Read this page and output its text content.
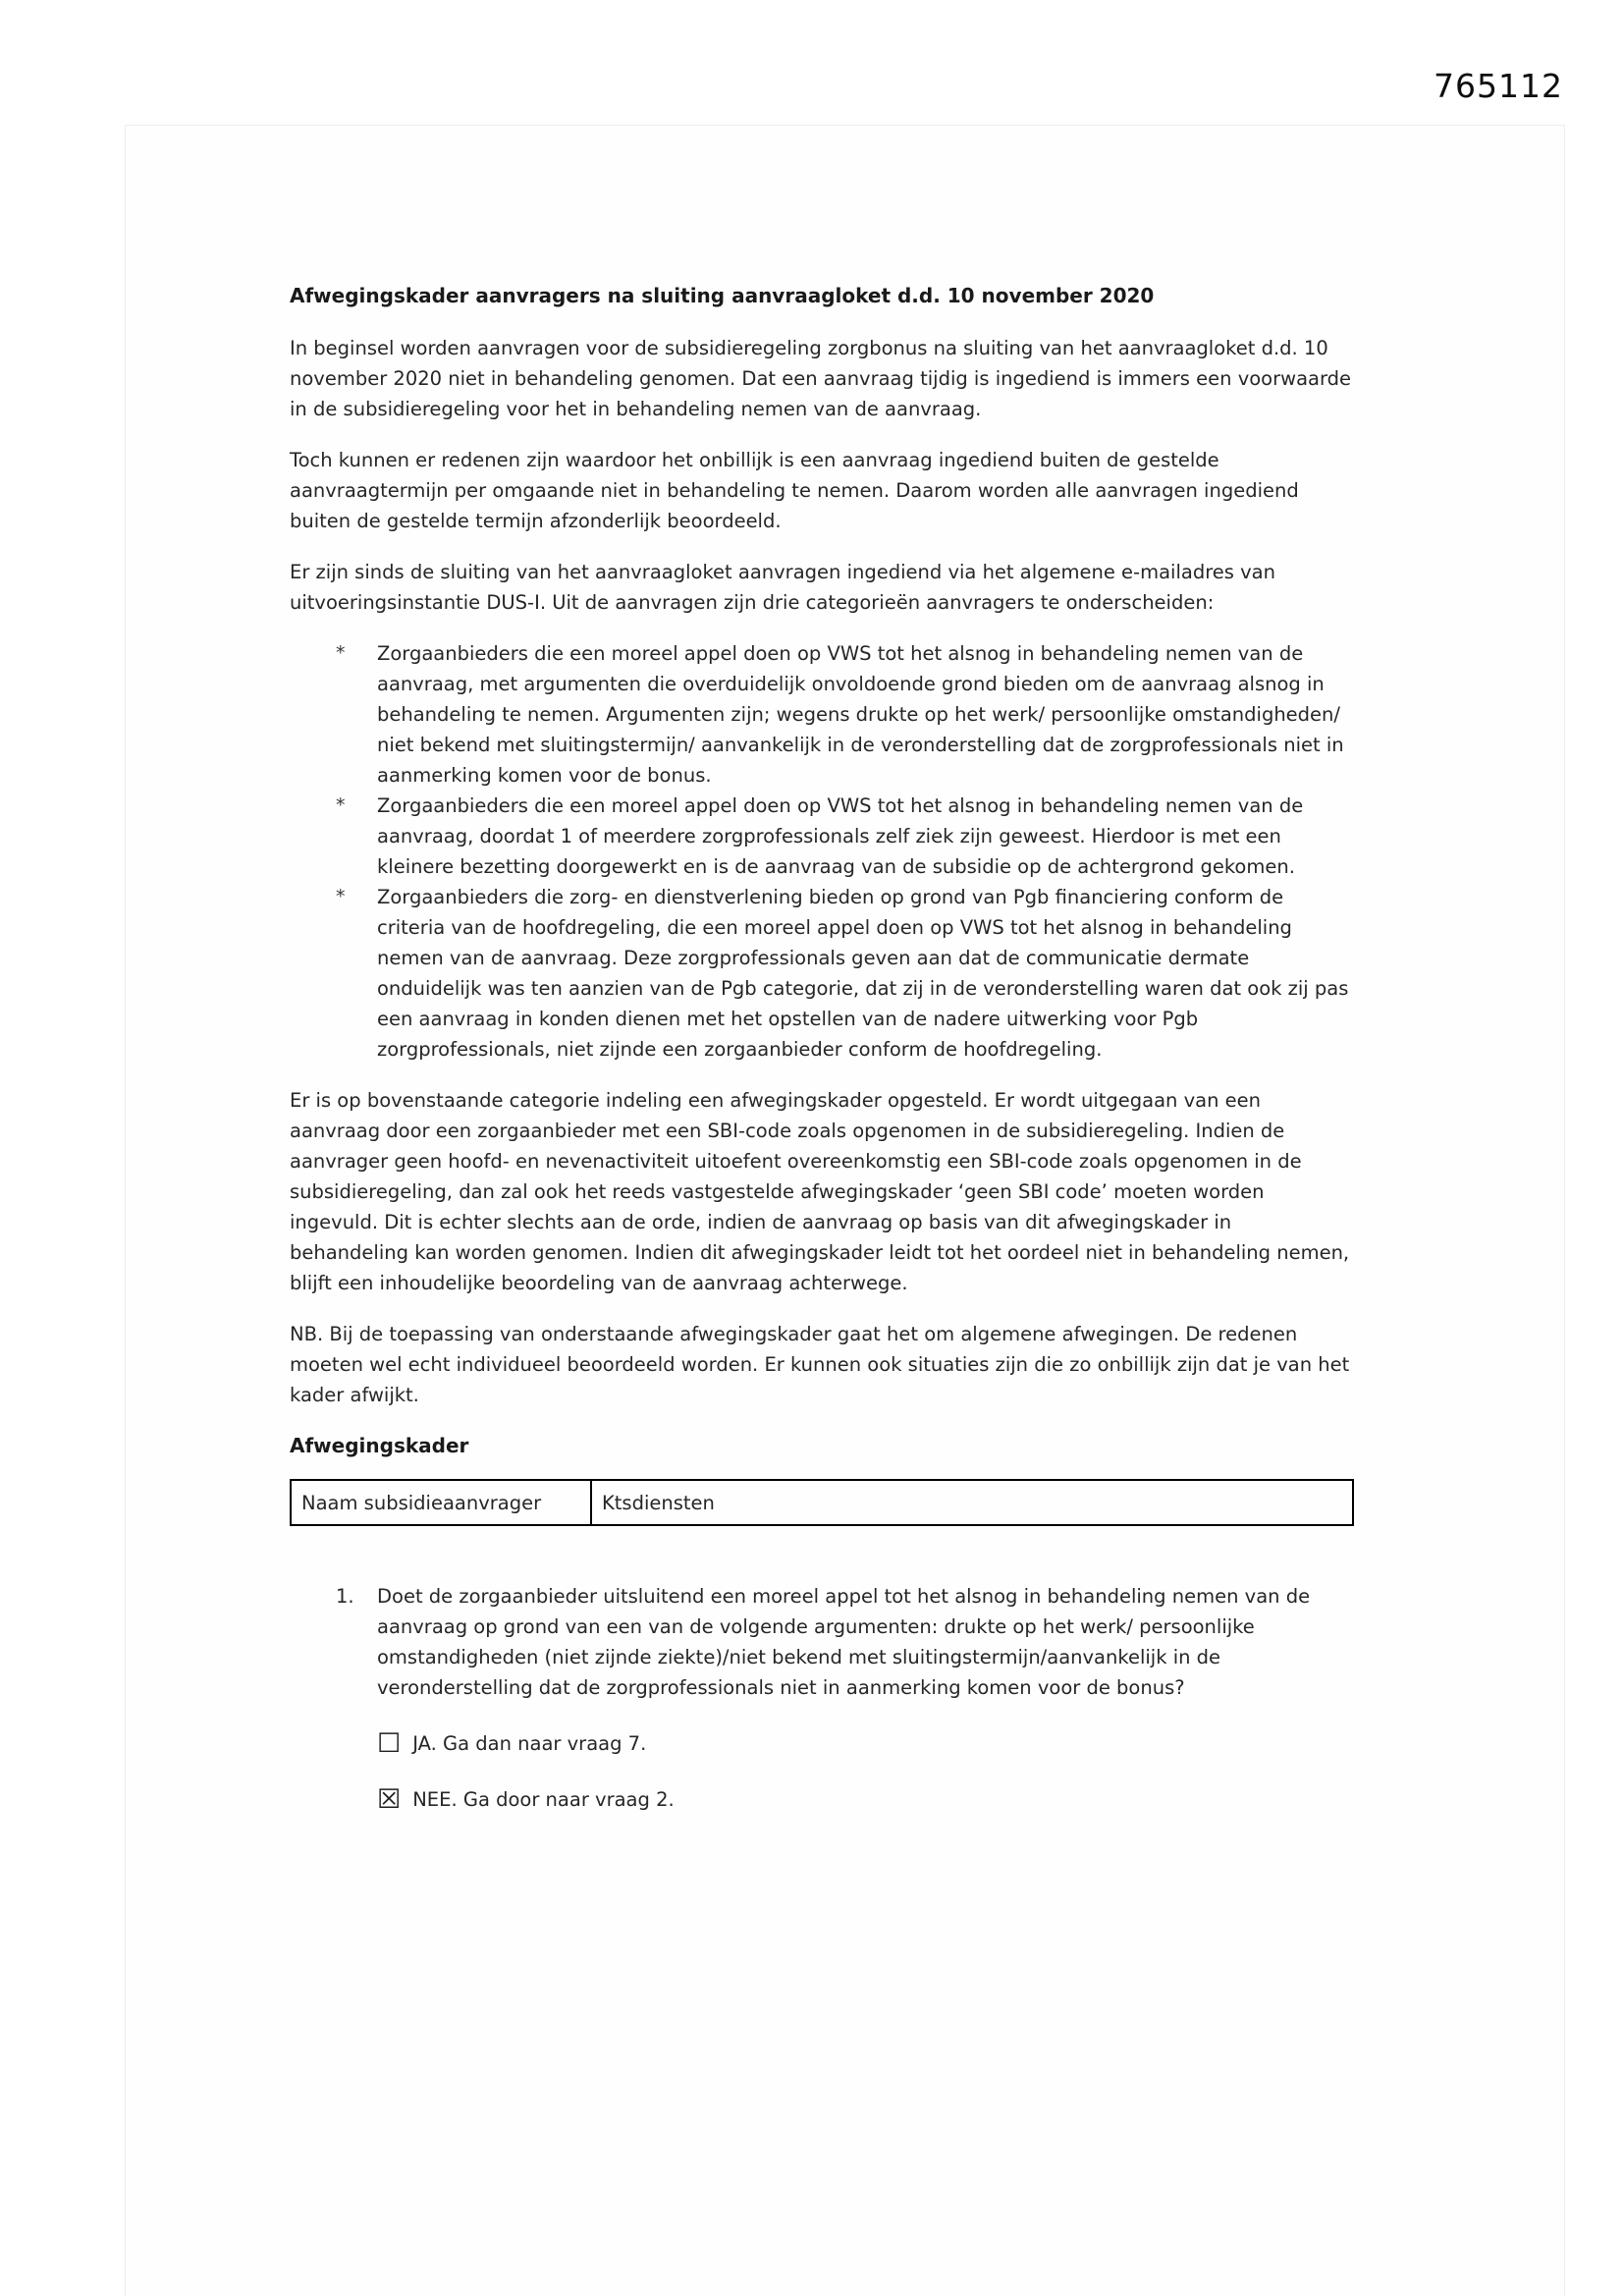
765112
Afwegingskader aanvragers na sluiting aanvraagloket d.d. 10 november 2020

In beginsel worden aanvragen voor de subsidieregeling zorgbonus na sluiting van het aanvraagloket d.d. 10 november 2020 niet in behandeling genomen. Dat een aanvraag tijdig is ingediend is immers een voorwaarde in de subsidieregeling voor het in behandeling nemen van de aanvraag.

Toch kunnen er redenen zijn waardoor het onbillijk is een aanvraag ingediend buiten de gestelde aanvraagtermijn per omgaande niet in behandeling te nemen. Daarom worden alle aanvragen ingediend buiten de gestelde termijn afzonderlijk beoordeeld.

Er zijn sinds de sluiting van het aanvraagloket aanvragen ingediend via het algemene e-mailadres van uitvoeringsinstantie DUS-I. Uit de aanvragen zijn drie categorieën aanvragers te onderscheiden:

*	Zorgaanbieders die een moreel appel doen op VWS tot het alsnog in behandeling nemen van de aanvraag, met argumenten die overduidelijk onvoldoende grond bieden om de aanvraag alsnog in behandeling te nemen. Argumenten zijn; wegens drukte op het werk/ persoonlijke omstandigheden/ niet bekend met sluitingstermijn/ aanvankelijk in de veronderstelling dat de zorgprofessionals niet in aanmerking komen voor de bonus.
*	Zorgaanbieders die een moreel appel doen op VWS tot het alsnog in behandeling nemen van de aanvraag, doordat 1 of meerdere zorgprofessionals zelf ziek zijn geweest. Hierdoor is met een kleinere bezetting doorgewerkt en is de aanvraag van de subsidie op de achtergrond gekomen.
*	Zorgaanbieders die zorg- en dienstverlening bieden op grond van Pgb financiering conform de criteria van de hoofdregeling, die een moreel appel doen op VWS tot het alsnog in behandeling nemen van de aanvraag. Deze zorgprofessionals geven aan dat de communicatie dermate onduidelijk was ten aanzien van de Pgb categorie, dat zij in de veronderstelling waren dat ook zij pas een aanvraag in konden dienen met het opstellen van de nadere uitwerking voor Pgb zorgprofessionals, niet zijnde een zorgaanbieder conform de hoofdregeling.

Er is op bovenstaande categorie indeling een afwegingskader opgesteld. Er wordt uitgegaan van een aanvraag door een zorgaanbieder met een SBI-code zoals opgenomen in de subsidieregeling. Indien de aanvrager geen hoofd- en nevenactiviteit uitoefent overeenkomstig een SBI-code zoals opgenomen in de subsidieregeling, dan zal ook het reeds vastgestelde afwegingskader ‘geen SBI code’ moeten worden ingevuld. Dit is echter slechts aan de orde, indien de aanvraag op basis van dit afwegingskader in behandeling kan worden genomen. Indien dit afwegingskader leidt tot het oordeel niet in behandeling nemen, blijft een inhoudelijke beoordeling van de aanvraag achterwege.

NB. Bij de toepassing van onderstaande afwegingskader gaat het om algemene afwegingen. De redenen moeten wel echt individueel beoordeeld worden. Er kunnen ook situaties zijn die zo onbillijk zijn dat je van het kader afwijkt.

Afwegingskader
Naam subsidieaanvrager	Ktsdiensten
1.	Doet de zorgaanbieder uitsluitend een moreel appel tot het alsnog in behandeling nemen van de aanvraag op grond van een van de volgende argumenten: drukte op het werk/ persoonlijke omstandigheden (niet zijnde ziekte)/niet bekend met sluitingstermijn/aanvankelijk in de veronderstelling dat de zorgprofessionals niet in aanmerking komen voor de bonus?
☐ JA. Ga dan naar vraag 7.
☒ NEE. Ga door naar vraag 2.
